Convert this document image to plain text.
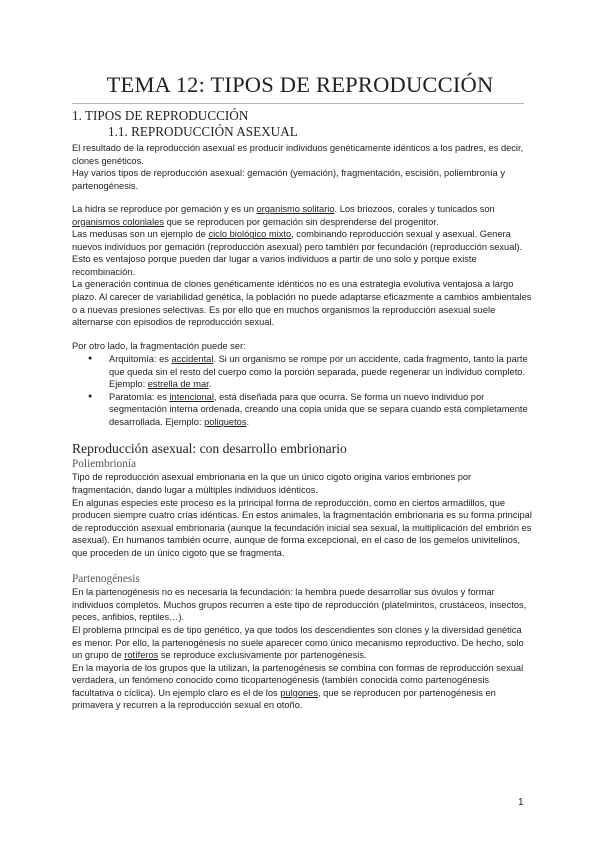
TEMA 12: TIPOS DE REPRODUCCIÓN
1. TIPOS DE REPRODUCCIÓN
1.1. REPRODUCCIÓN ASEXUAL

El resultado de la reproducción asexual es producir individuos genéticamente idénticos a los padres, es decir, clones genéticos.

Hay varios tipos de reproducción asexual: gemación (yemación), fragmentación, escisión, poliembronía y partenogénesis.

La hidra se reproduce por gemación y es un organismo solitario. Los briozoos, corales y tunicados son organismos coloniales que se reproducen por gemación sin desprenderse del progenitor.

Las medusas son un ejemplo de ciclo biológico mixto, combinando reproducción sexual y asexual. Genera nuevos individuos por gemación (reproducción asexual) pero también por fecundación (reproducción sexual). Esto es ventajoso porque pueden dar lugar a varios individuos a partir de uno solo y porque existe recombinación.

La generación continua de clones genéticamente idénticos no es una estrategia evolutiva ventajosa a largo plazo. Al carecer de variabilidad genética, la población no puede adaptarse eficazmente a cambios ambientales o a nuevas presiones selectivas. Es por ello que en muchos organismos la reproducción asexual suele alternarse con episodios de reproducción sexual.

Por otro lado, la fragmentación puede ser:

● Arquitomía: es accidental. Si un organismo se rompe por un accidente, cada fragmento, tanto la parte que queda sin el resto del cuerpo como la porción separada, puede regenerar un individuo completo. Ejemplo: estrella de mar.
● Paratomía: es intencional, está diseñada para que ocurra. Se forma un nuevo individuo por segmentación interna ordenada, creando una copia unida que se separa cuando está completamente desarrollada. Ejemplo: poliquetos.

Reproducción asexual: con desarrollo embrionario

Poliembrionía

Tipo de reproducción asexual embrionaria en la que un único cigoto origina varios embriones por fragmentación, dando lugar a múltiples individuos idénticos.

En algunas especies este proceso es la principal forma de reproducción, como en ciertos armadillos, que producen siempre cuatro crías idénticas. En estos animales, la fragmentación embrionaria es su forma principal de reproducción asexual embrionaria (aunque la fecundación inicial sea sexual, la multiplicación del embrión es asexual). En humanos también ocurre, aunque de forma excepcional, en el caso de los gemelos univitelinos, que proceden de un único cigoto que se fragmenta.

Partenogénesis

En la partenogénesis no es necesaria la fecundación: la hembra puede desarrollar sus óvulos y formar individuos completos. Muchos grupos recurren a este tipo de reproducción (platelmintos, crustáceos, insectos, peces, anfibios, reptiles…).

El problema principal es de tipo genético, ya que todos los descendientes son clones y la diversidad genética es menor. Por ello, la partenogénesis no suele aparecer como único mecanismo reproductivo. De hecho, solo un grupo de rotíferos se reproduce exclusivamente por partenogénesis.

En la mayoría de los grupos que la utilizan, la partenogénesis se combina con formas de reproducción sexual verdadera, un fenómeno conocido como ticopartenogénesis (también conocida como partenogénesis facultativa o cíclica). Un ejemplo claro es el de los pulgones, que se reproducen por partenogénesis en primavera y recurren a la reproducción sexual en otoño.

1
